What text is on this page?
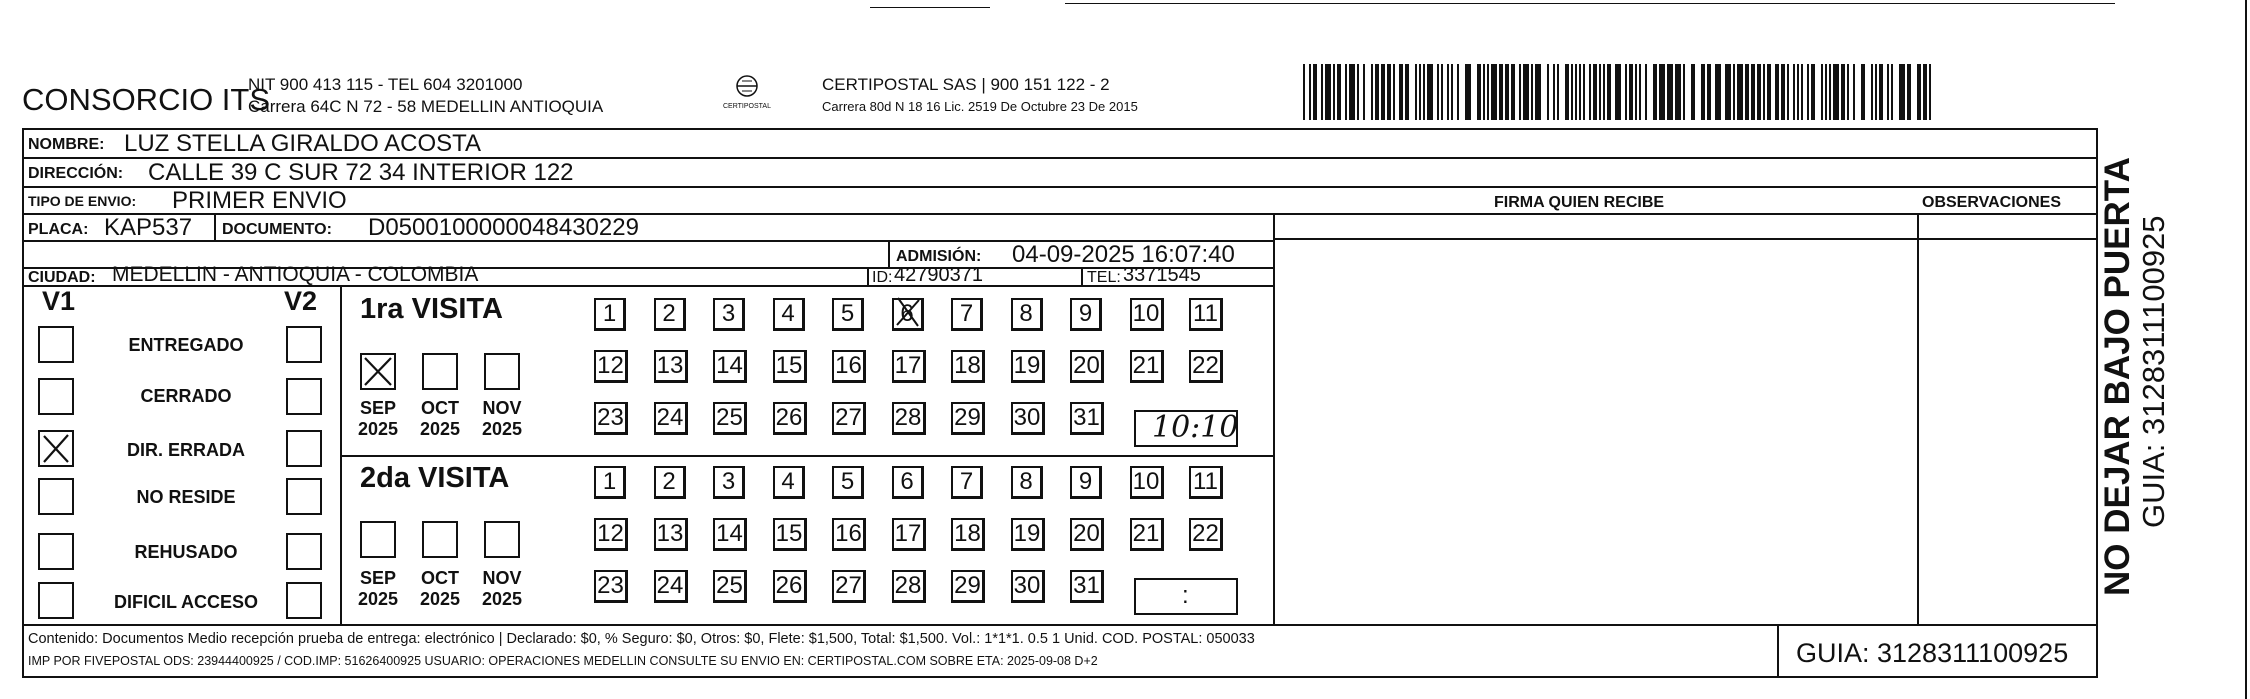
CONSORCIO ITS
NIT 900 413 115 - TEL 604 3201000
Carrera 64C N 72 - 58 MEDELLIN ANTIOQUIA	CERTIPOSTAL
CERTIPOSTAL SAS | 900 151 122 - 2
Carrera 80d N 18 16 Lic. 2519 De Octubre 23 De 2015
NOMBRE: LUZ STELLA GIRALDO ACOSTA
DIRECCIÓN: CALLE 39 C SUR 72 34 INTERIOR 122
TIPO DE ENVIO: PRIMER ENVIO	FIRMA QUIEN RECIBE	OBSERVACIONES
PLACA: KAP537 DOCUMENTO: D0500100000048430229
ADMISIÓN: 04-09-2025 16:07:40
CIUDAD: MEDELLIN - ANTIOQUIA - COLOMBIA	ID: 42790371	TEL: 3371545
V1	V2
ENTREGADO
CERRADO
DIR. ERRADA
NO RESIDE
REHUSADO
DIFICIL ACCESO
1ra VISITA
SEP
2025
OCT
2025
NOV
2025
1	2	3	4	5	6	7	8	9	10 11
12 13 14 15 16 17 18 19 20 21 22
23 24 25 26 27 28 29 30 31 10:10
2da VISITA
SEP
2025
OCT
2025
NOV
2025
1	2	3	4	5	6	7	8	9	10 11
12 13 14 15 16 17 18 19 20 21 22
23 24 25 26 27 28 29 30 31	:
Contenido: Documentos Medio recepción prueba de entrega: electrónico | Declarado: $0, % Seguro: $0, Otros: $0, Flete: $1,500, Total: $1,500. Vol.: 1*1*1. 0.5 1 Unid. COD. POSTAL: 050033
IMP POR FIVEPOSTAL ODS: 23944400925 / COD.IMP: 51626400925 USUARIO: OPERACIONES MEDELLIN CONSULTE SU ENVIO EN: CERTIPOSTAL.COM SOBRE ETA: 2025-09-08 D+2	GUIA: 3128311100925
NO DEJAR BAJO PUERTA GUIA: 3128311100925
